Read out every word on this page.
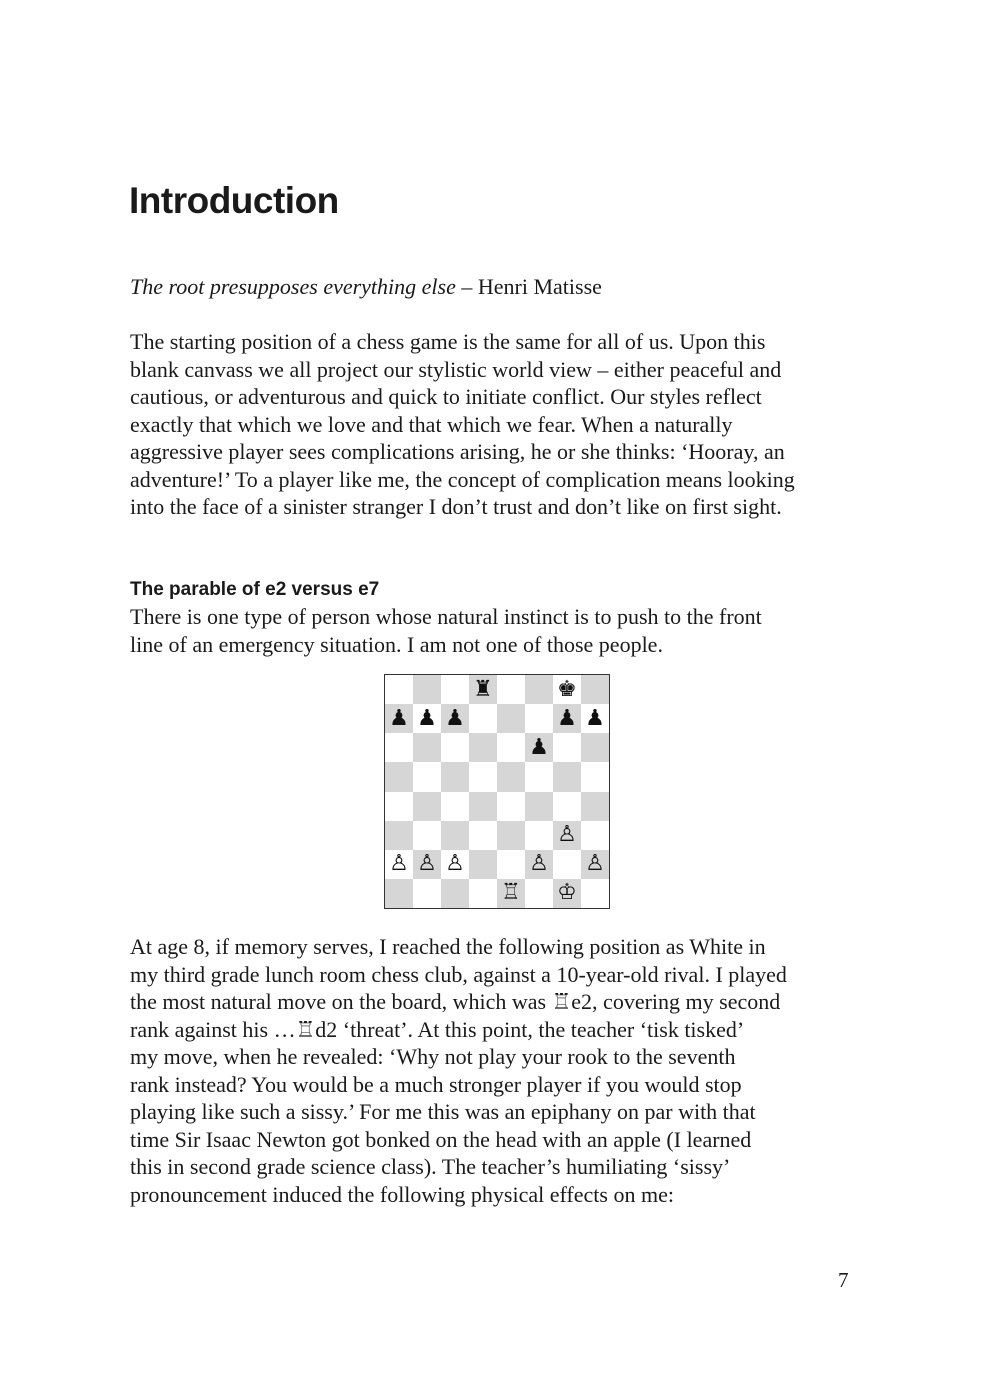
Introduction

The root presupposes everything else – Henri Matisse

The starting position of a chess game is the same for all of us. Upon this
blank canvass we all project our stylistic world view – either peaceful and
cautious, or adventurous and quick to initiate conflict. Our styles reflect
exactly that which we love and that which we fear. When a naturally
aggressive player sees complications arising, he or she thinks: ‘Hooray, an
adventure!’ To a player like me, the concept of complication means looking
into the face of a sinister stranger I don’t trust and don’t like on first sight.

The parable of e2 versus e7

There is one type of person whose natural instinct is to push to the front
line of an emergency situation. I am not one of those people.

♜	♚
♟ ♟ ♟	♟ ♟
♟
♙
♙ ♙ ♙	♙ ♙
♖ ♔

At age 8, if memory serves, I reached the following position as White in
my third grade lunch room chess club, against a 10-year-old rival. I played
the most natural move on the board, which was ♖e2, covering my second
rank against his …♖d2 ‘threat’. At this point, the teacher ‘tisk tisked’
my move, when he revealed: ‘Why not play your rook to the seventh
rank instead? You would be a much stronger player if you would stop
playing like such a sissy.’ For me this was an epiphany on par with that
time Sir Isaac Newton got bonked on the head with an apple (I learned
this in second grade science class). The teacher’s humiliating ‘sissy’
pronouncement induced the following physical effects on me:

7
